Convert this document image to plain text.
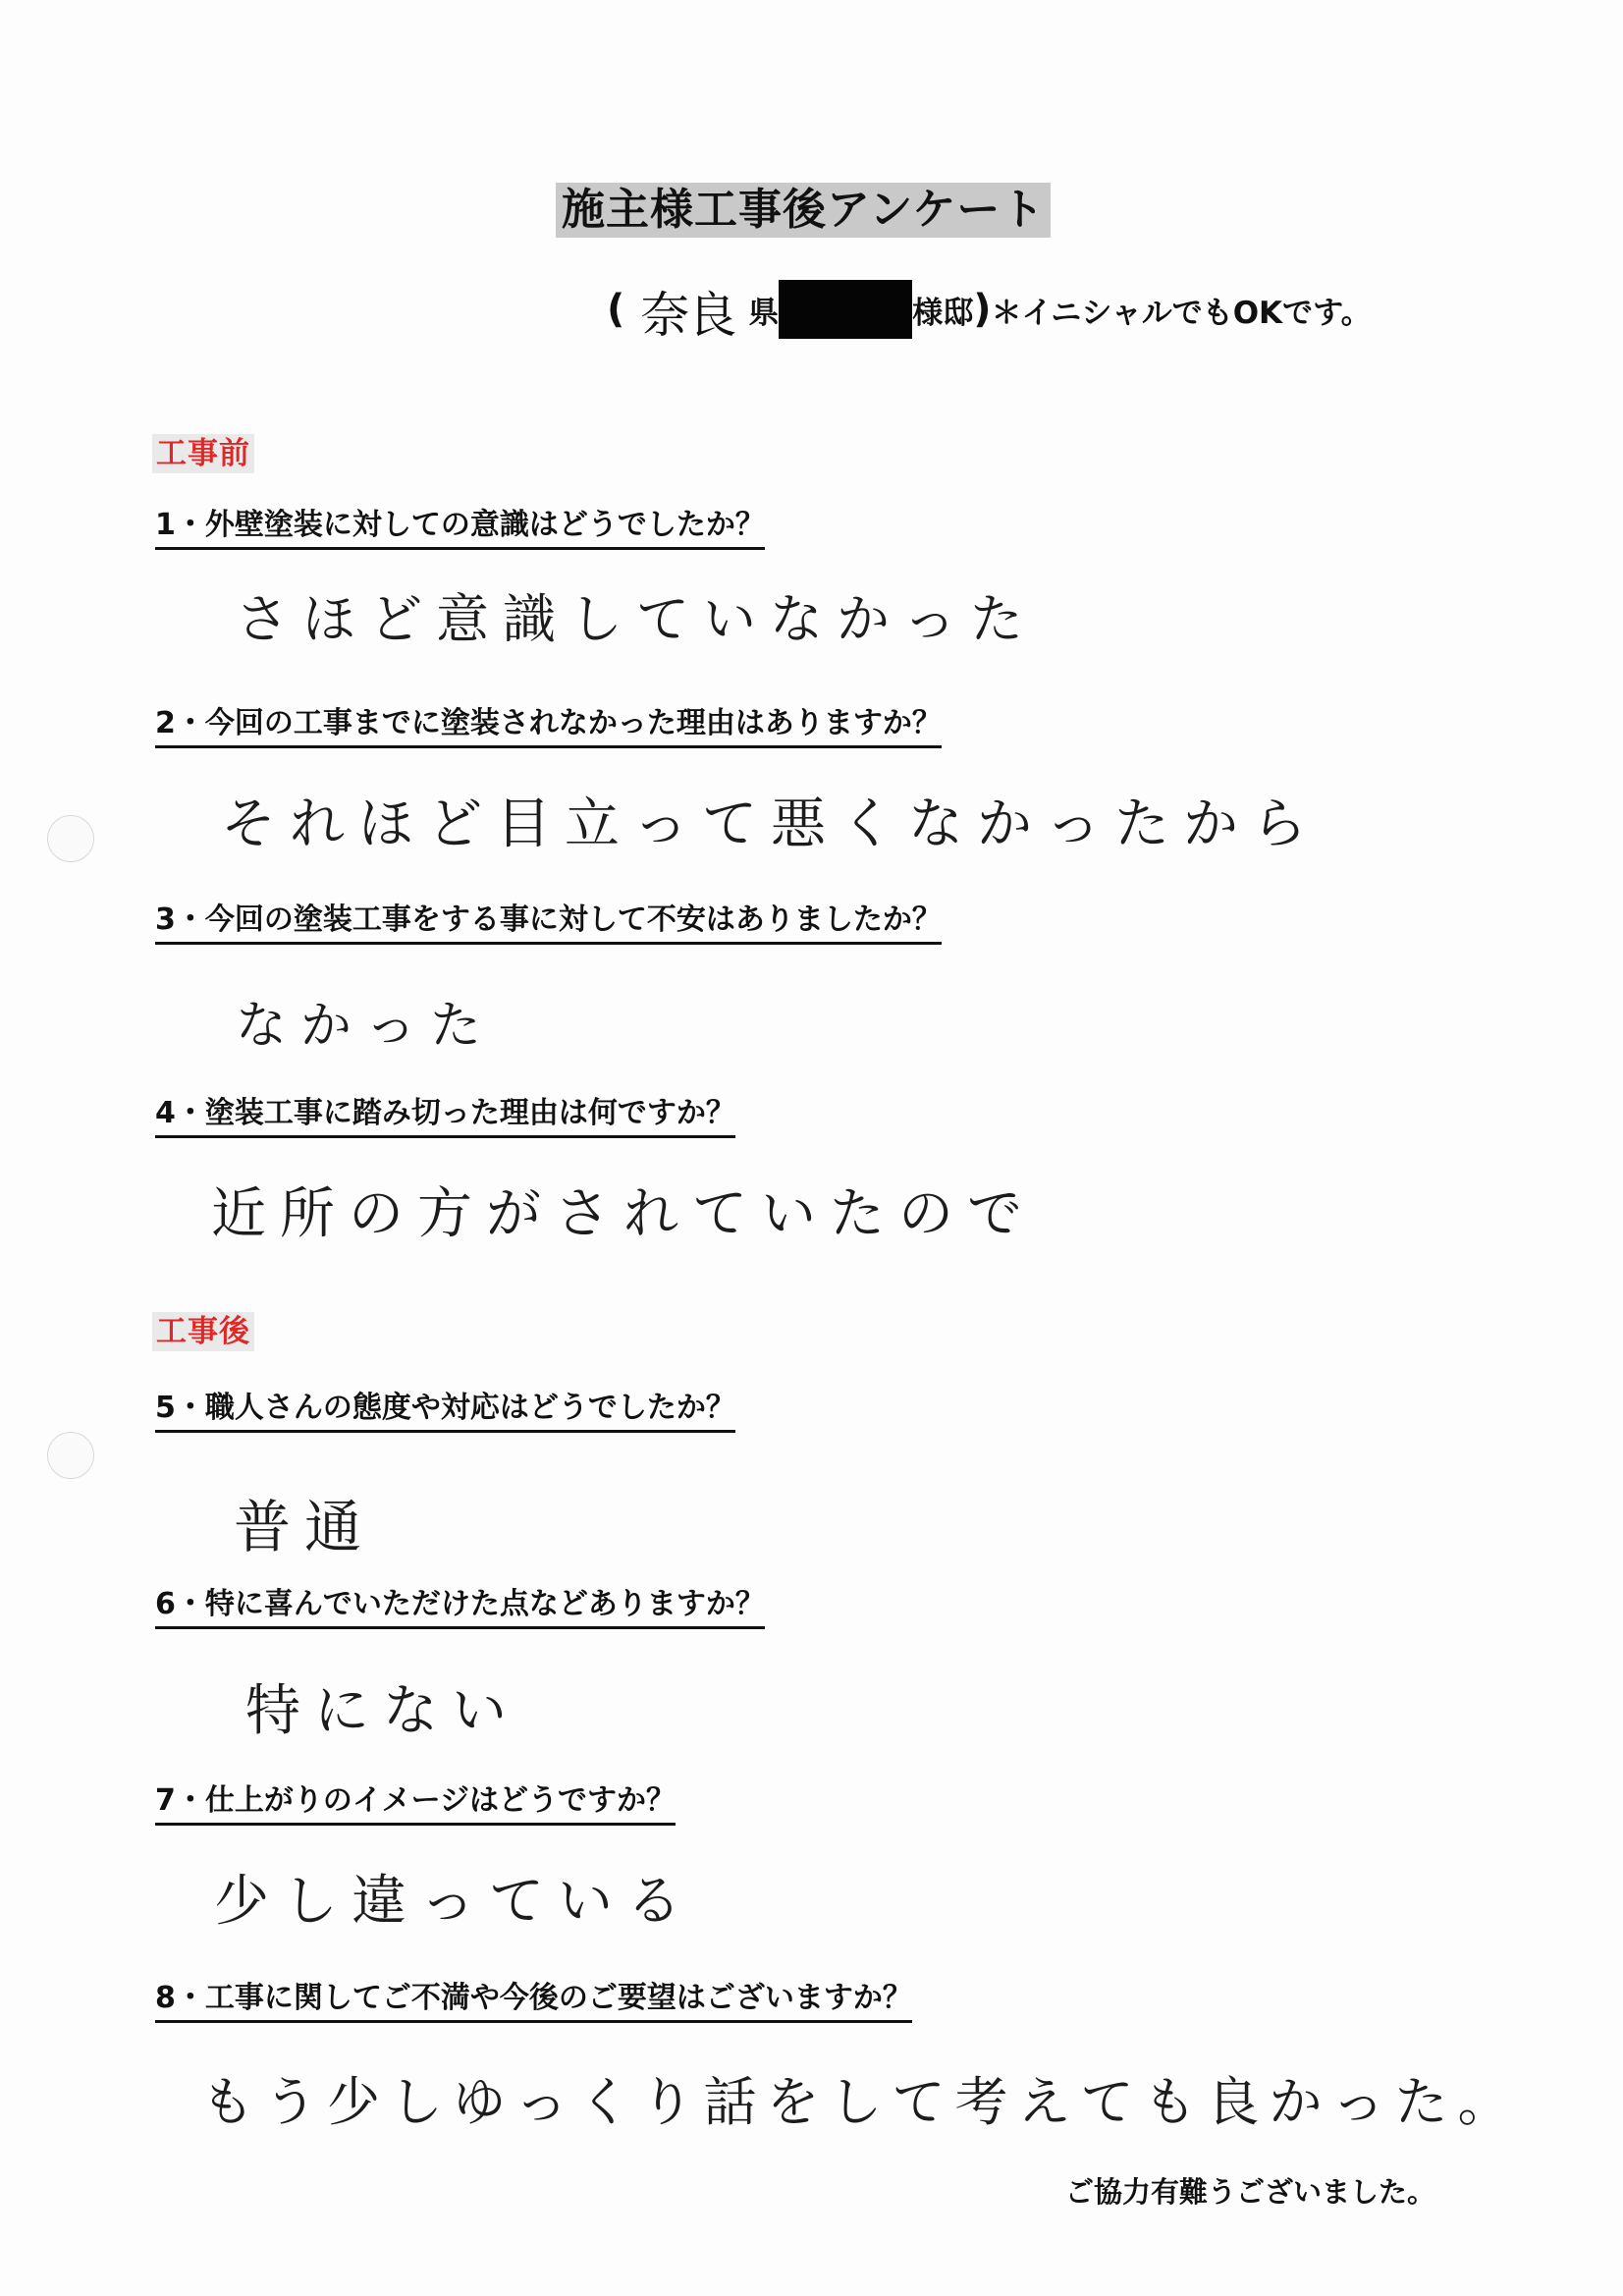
施主様工事後アンケート
( 奈良 県	様邸 ) ＊イニシャルでもOKです。
工事前
1・外壁塗装に対しての意識はどうでしたか？
さほど意識していなかった
2・今回の工事までに塗装されなかった理由はありますか？
それほど目立って悪くなかったから
3・今回の塗装工事をする事に対して不安はありましたか？
なかった
4・塗装工事に踏み切った理由は何ですか？
近所の方がされていたので
工事後
5・職人さんの態度や対応はどうでしたか？
普通
6・特に喜んでいただけた点などありますか？
特にない
7・仕上がりのイメージはどうですか？
少し違っている
8・工事に関してご不満や今後のご要望はございますか？
もう少しゆっくり話をして考えても良かった。
ご協力有難うございました。
